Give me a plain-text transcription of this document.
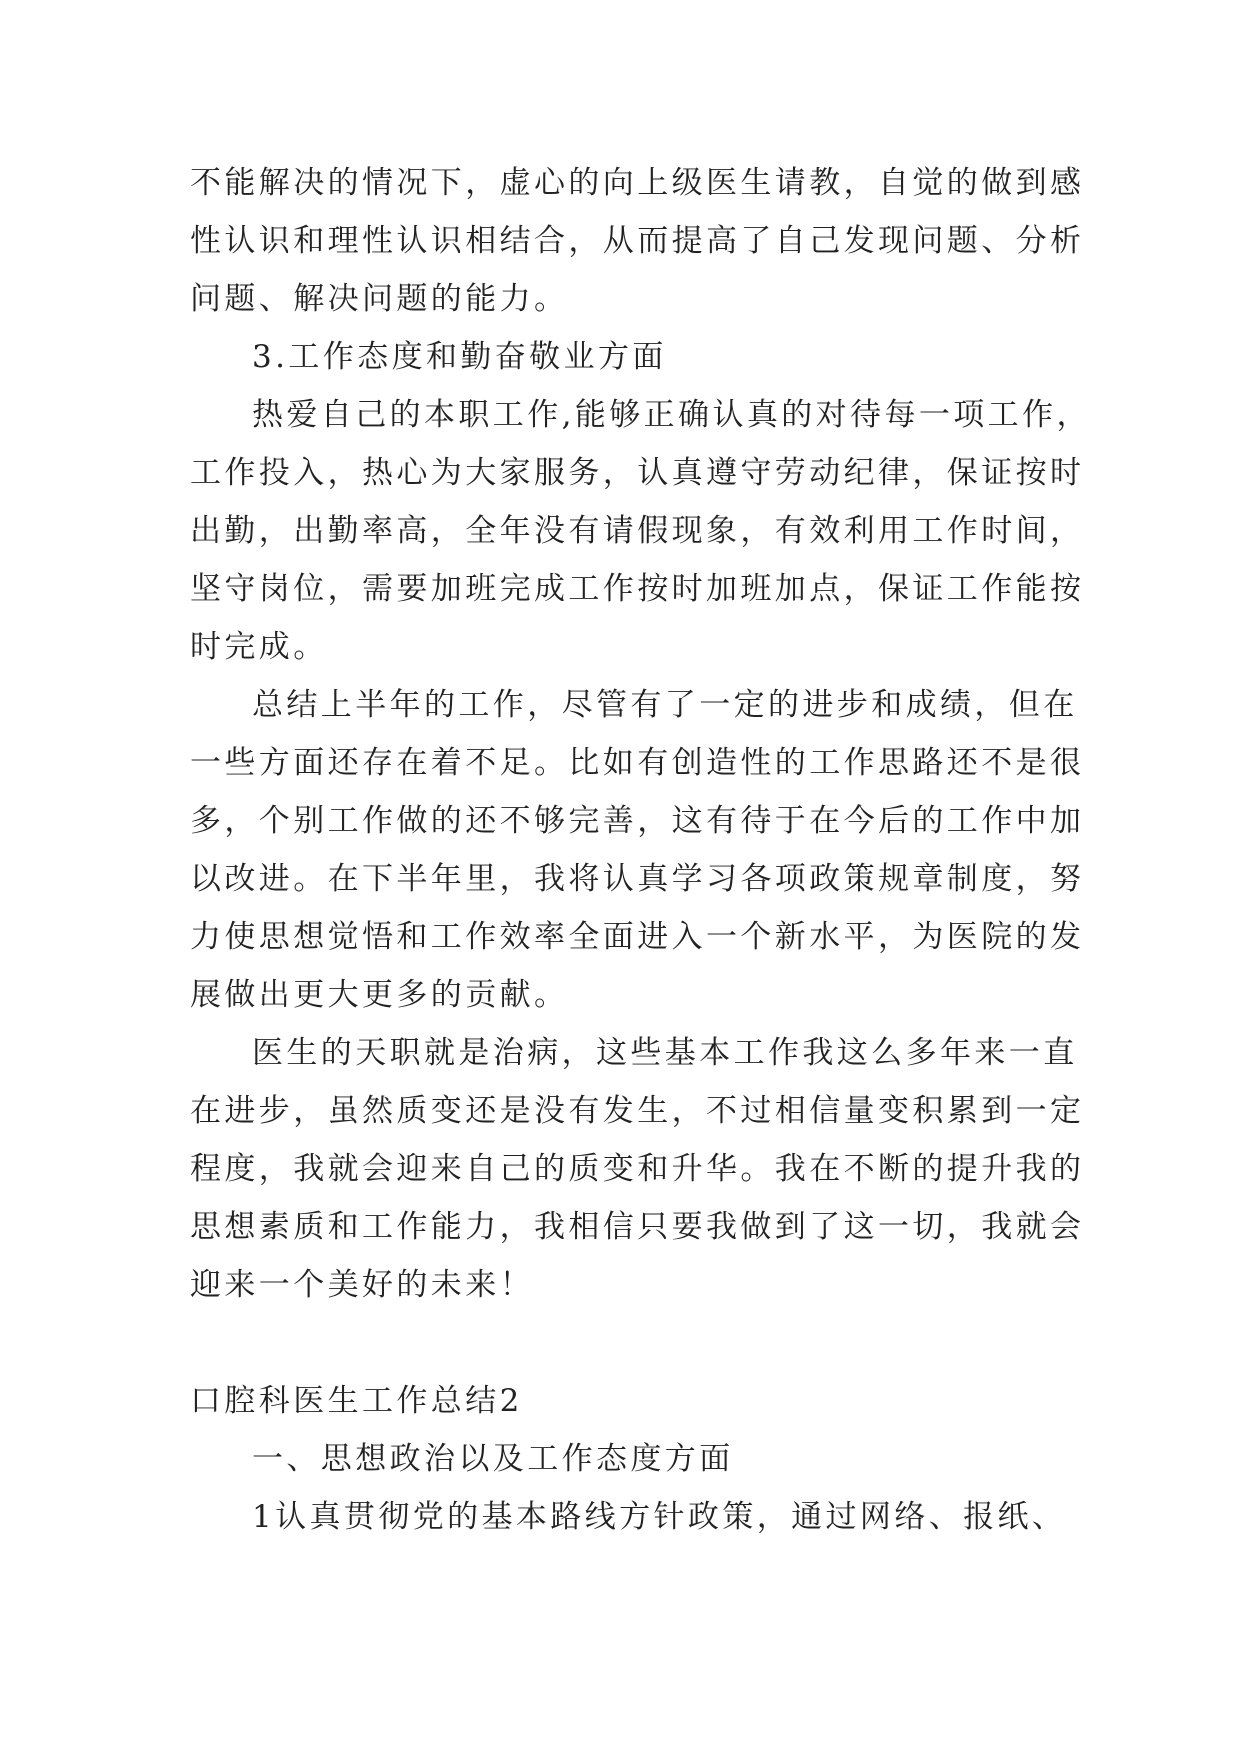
不能解决的情况下，虚心的向上级医生请教，自觉的做到感
性认识和理性认识相结合，从而提高了自己发现问题、分析
问题、解决问题的能力。
3.工作态度和勤奋敬业方面
热爱自己的本职工作,能够正确认真的对待每一项工作，
工作投入，热心为大家服务，认真遵守劳动纪律，保证按时
出勤，出勤率高，全年没有请假现象，有效利用工作时间，
坚守岗位，需要加班完成工作按时加班加点，保证工作能按
时完成。
总结上半年的工作，尽管有了一定的进步和成绩，但在
一些方面还存在着不足。比如有创造性的工作思路还不是很
多，个别工作做的还不够完善，这有待于在今后的工作中加
以改进。在下半年里，我将认真学习各项政策规章制度，努
力使思想觉悟和工作效率全面进入一个新水平，为医院的发
展做出更大更多的贡献。
医生的天职就是治病，这些基本工作我这么多年来一直
在进步，虽然质变还是没有发生，不过相信量变积累到一定
程度，我就会迎来自己的质变和升华。我在不断的提升我的
思想素质和工作能力，我相信只要我做到了这一切，我就会
迎来一个美好的未来！
口腔科医生工作总结2
一、思想政治以及工作态度方面
1认真贯彻党的基本路线方针政策，通过网络、报纸、
